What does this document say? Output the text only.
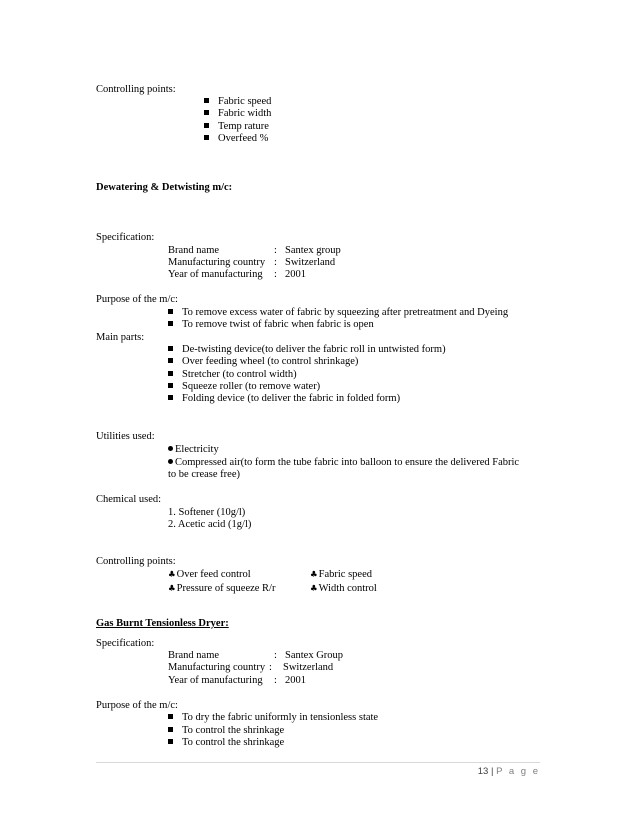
Controlling points:
Fabric speed
Fabric width
Temp rature
Overfeed %
Dewatering & Detwisting m/c:
Specification:
Brand name	: Santex group
Manufacturing country : Switzerland
Year of manufacturing : 2001
Purpose of the m/c:
To remove excess water of fabric by squeezing after pretreatment and Dyeing
To remove twist of fabric when fabric is open
Main parts:
De-twisting device(to deliver the fabric roll in untwisted form)
Over feeding wheel (to control shrinkage)
Stretcher (to control width)
Squeeze roller (to remove water)
Folding device (to deliver the fabric in folded form)
Utilities used:
Electricity
Compressed air(to form the tube fabric into balloon to ensure the delivered Fabric
to be crease free)
Chemical used:
1. Softener (10g/l)
2. Acetic acid (1g/l)
Controlling points:
♣Over feed control	♣Fabric speed
♣Pressure of squeeze R/r	♣Width control
Gas Burnt Tensionless Dryer:
Specification:
Brand name	: Santex Group
Manufacturing country : Switzerland
Year of manufacturing : 2001
Purpose of the m/c:
To dry the fabric uniformly in tensionless state
To control the shrinkage
To control the shrinkage
13 | P a g e
